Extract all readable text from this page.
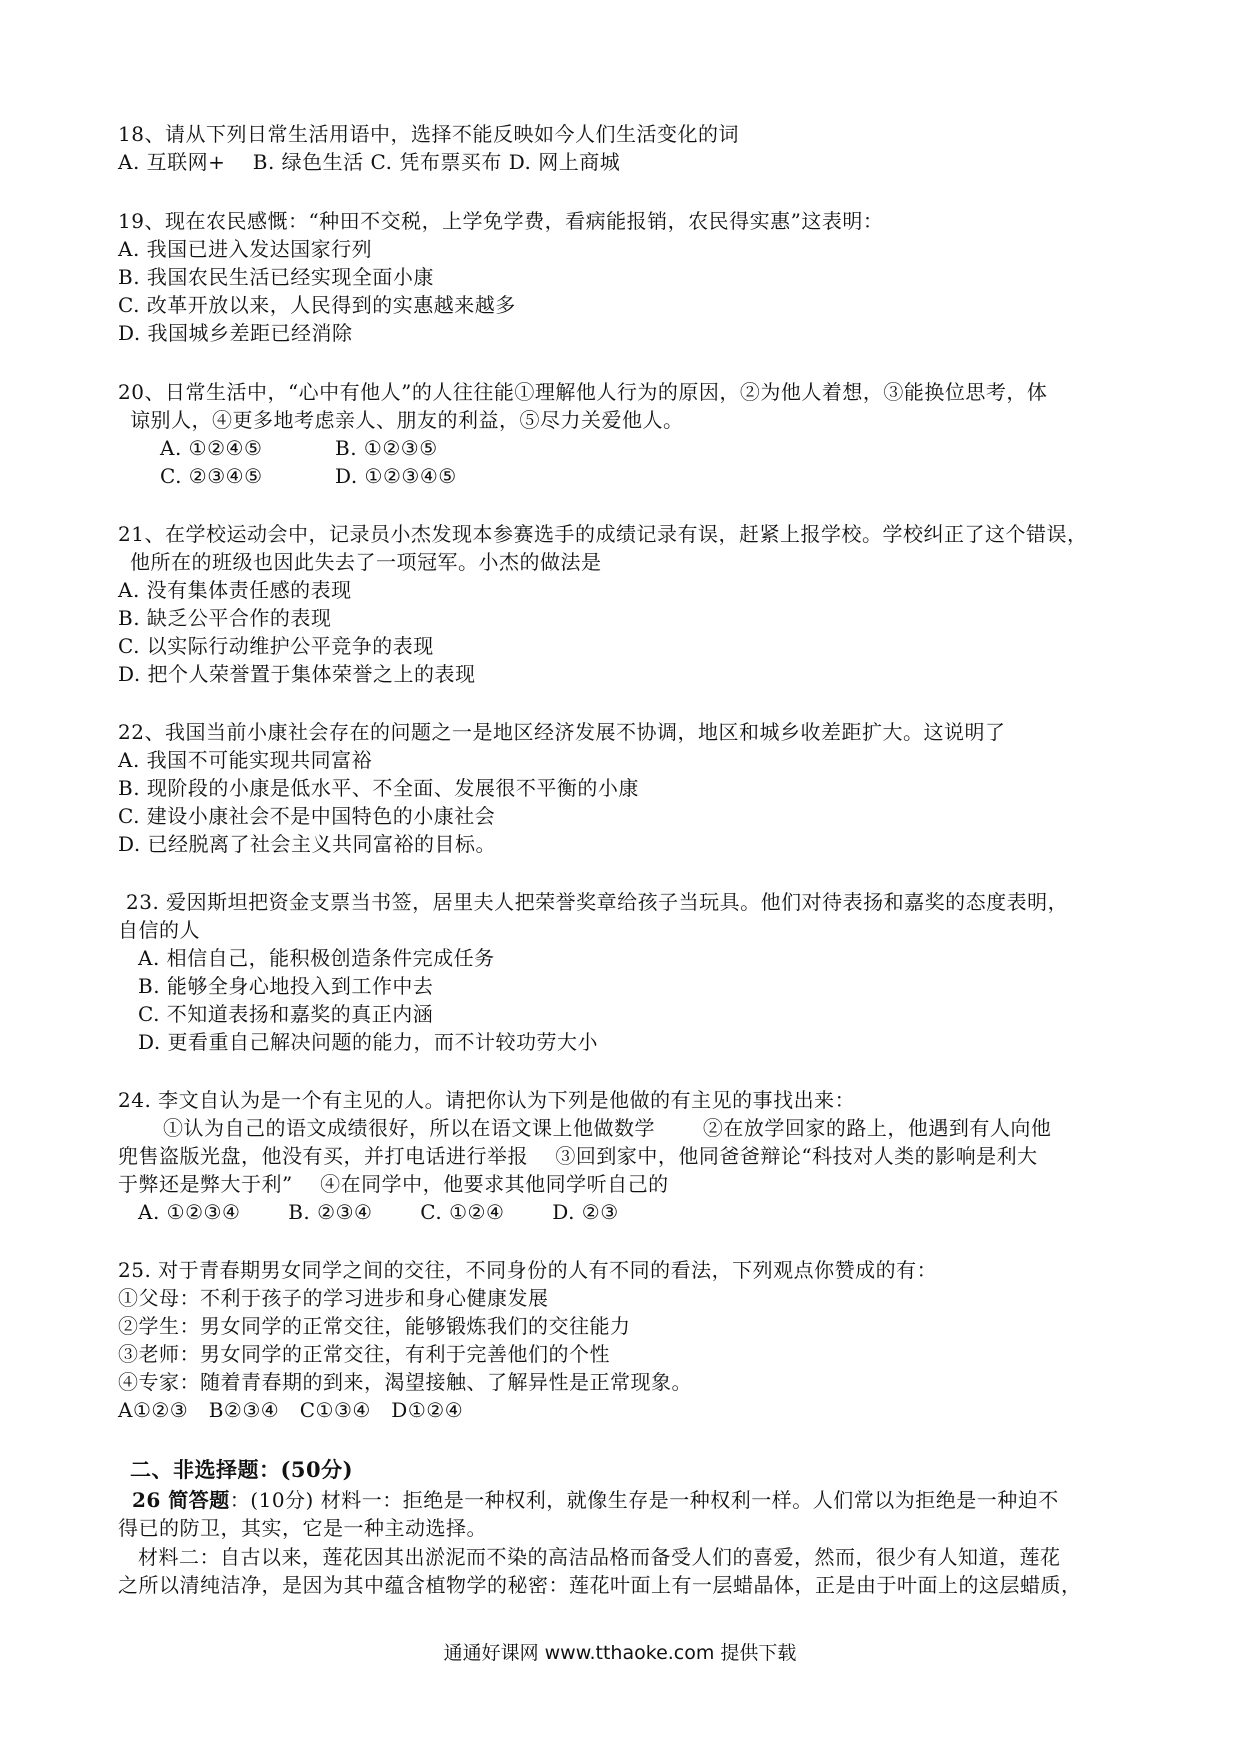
18、请从下列日常生活用语中，选择不能反映如今人们生活变化的词
A. 互联网+　 B. 绿色生活 C. 凭布票买布 D. 网上商城
19、现在农民感慨：“种田不交税，上学免学费，看病能报销，农民得实惠”这表明：
A. 我国已进入发达国家行列
B. 我国农民生活已经实现全面小康
C. 改革开放以来，人民得到的实惠越来越多
D. 我国城乡差距已经消除
20、日常生活中，“心中有他人”的人往往能①理解他人行为的原因，②为他人着想，③能换位思考，体
谅别人，④更多地考虑亲人、朋友的利益，⑤尽力关爱他人。
A. ①②④⑤	B. ①②③⑤
C. ②③④⑤	D. ①②③④⑤
21、在学校运动会中，记录员小杰发现本参赛选手的成绩记录有误，赶紧上报学校。学校纠正了这个错误，
他所在的班级也因此失去了一项冠军。小杰的做法是
A. 没有集体责任感的表现
B. 缺乏公平合作的表现
C. 以实际行动维护公平竞争的表现
D. 把个人荣誉置于集体荣誉之上的表现
22、我国当前小康社会存在的问题之一是地区经济发展不协调，地区和城乡收差距扩大。这说明了
A. 我国不可能实现共同富裕
B. 现阶段的小康是低水平、不全面、发展很不平衡的小康
C. 建设小康社会不是中国特色的小康社会
D. 已经脱离了社会主义共同富裕的目标。
23. 爱因斯坦把资金支票当书签，居里夫人把荣誉奖章给孩子当玩具。他们对待表扬和嘉奖的态度表明，
自信的人
A. 相信自己，能积极创造条件完成任务
B. 能够全身心地投入到工作中去
C. 不知道表扬和嘉奖的真正内涵
D. 更看重自己解决问题的能力，而不计较功劳大小
24. 李文自认为是一个有主见的人。请把你认为下列是他做的有主见的事找出来：
①认为自己的语文成绩很好，所以在语文课上他做数学　　 ②在放学回家的路上，他遇到有人向他
兜售盗版光盘，他没有买，并打电话进行举报　 ③回到家中，他同爸爸辩论“科技对人类的影响是利大
于弊还是弊大于利”　 ④在同学中，他要求其他同学听自己的
A. ①②③④　　 B. ②③④　　 C. ①②④　　 D. ②③
25. 对于青春期男女同学之间的交往，不同身份的人有不同的看法，下列观点你赞成的有：
①父母：不利于孩子的学习进步和身心健康发展
②学生：男女同学的正常交往，能够锻炼我们的交往能力
③老师：男女同学的正常交往，有利于完善他们的个性
④专家：随着青春期的到来，渴望接触、了解异性是正常现象。
A①②③　B②③④　C①③④　D①②④
二、非选择题：(50分)
26 简答题：(10分) 材料一：拒绝是一种权利，就像生存是一种权利一样。人们常以为拒绝是一种迫不
得已的防卫，其实，它是一种主动选择。
材料二：自古以来，莲花因其出淤泥而不染的高洁品格而备受人们的喜爱，然而，很少有人知道，莲花
之所以清纯洁净，是因为其中蕴含植物学的秘密：莲花叶面上有一层蜡晶体，正是由于叶面上的这层蜡质，
通通好课网 www.tthaoke.com 提供下载
